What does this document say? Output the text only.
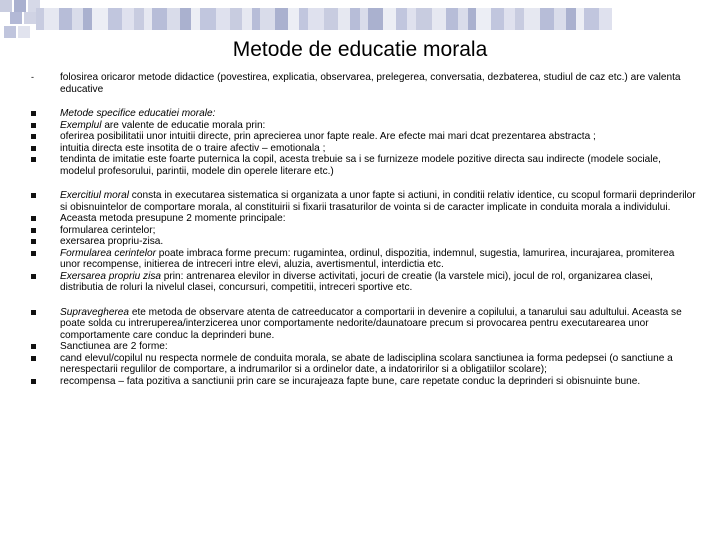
Metode de educatie morala
-	folosirea oricaror metode didactice (povestirea, explicatia, observarea, prelegerea, conversatia, dezbaterea, studiul de caz etc.) are valenta educative
Metode specifice educatiei morale:
Exemplul are valente de educatie morala prin:
oferirea posibilitatii unor intuitii directe, prin aprecierea unor fapte reale. Are efecte mai mari dcat prezentarea abstracta ;
intuitia directa este insotita de o traire afectiv – emotionala ;
tendinta de imitatie este foarte puternica la copil, acesta trebuie sa i se furnizeze modele pozitive directa sau indirecte (modele sociale, modelul profesorului, parintii, modele din operele literare etc.)
Exercitiul moral consta in executarea sistematica si organizata a unor fapte si actiuni, in conditii relativ identice, cu scopul formarii deprinderilor si obisnuintelor de comportare morala, al constituirii si fixarii trasaturilor de vointa si de caracter implicate in conduita morala a individului.
Aceasta metoda presupune 2 momente principale:
formularea cerintelor;
exersarea propriu-zisa.
Formularea cerintelor poate imbraca forme precum: rugamintea, ordinul, dispozitia, indemnul, sugestia, lamurirea, incurajarea, promiterea unor recompense, initierea de intreceri intre elevi, aluzia, avertismentul, interdictia etc.
Exersarea propriu zisa prin: antrenarea elevilor in diverse activitati, jocuri de creatie (la varstele mici), jocul de rol, organizarea clasei, distributia de roluri la nivelul clasei, concursuri, competitii, intreceri sportive etc.
Supravegherea ete metoda de observare atenta de catreeducator a comportarii in devenire a copilului, a tanarului sau adultului. Aceasta se poate solda cu intreruperea/interzicerea unor comportamente nedorite/daunatoare precum si provocarea pentru executarearea unor comportamente care conduc la deprinderi bune.
Sanctiunea are 2 forme:
cand elevul/copilul nu respecta normele de conduita morala, se abate de ladisciplina scolara sanctiunea ia forma pedepsei (o sanctiune a nerespectarii regulilor de comportare, a indrumarilor si a ordinelor date, a indatoririlor si a obligatiilor scolare);
recompensa – fata pozitiva a sanctiunii prin care se incurajeaza fapte bune, care repetate conduc la deprinderi si obisnuinte bune.
